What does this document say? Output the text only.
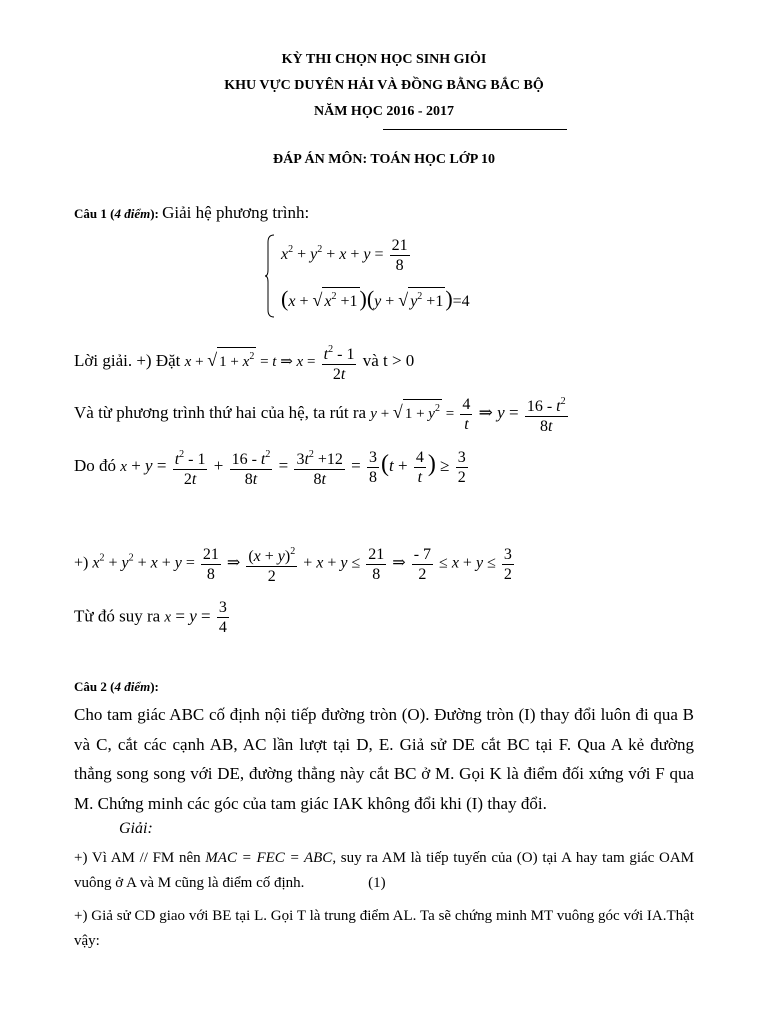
KỲ THI CHỌN HỌC SINH GIỎI
KHU VỰC DUYÊN HẢI VÀ ĐỒNG BẰNG BẮC BỘ
NĂM HỌC 2016 - 2017
ĐÁP ÁN MÔN: TOÁN HỌC LỚP 10
Câu 1 (4 điểm): Giải hệ phương trình:
$x^2 + y^2 + x + y = \frac{21}{8}$
(x + √ $x^2 +1)(y$ + √ $y^2 +1)=4$
Lời giải. +) Đặt x + √ $1 + x^2 = t$ ⇒ $x = \frac{t^2 - 1}{2t}$ và t > 0
Và từ phương trình thứ hai của hệ, ta rút ra y + √ $1 + y^2 = \frac{4}{t}$ ⇒ $y = \frac{16 - t^2}{8t}$
Do đó $x + y = \frac{t^2 - 1}{2t} + \frac{16 - t^2}{8t} = \frac{3t^2 +12}{8t} = \frac{3}{8} (t + \frac{4}{t}$ ) ≥ $\frac{3}{2}$
+) $x^2 + y^2 + x + y = \frac{21}{8}$ ⇒ $\frac{(x + y)^2}{2} + x + y \le \frac{21}{8}$ ⇒ $\frac{- 7}{2} \le x + y \le \frac{3}{2}$
Từ đó suy ra $x = y = \frac{3}{4}$
Câu 2 (4 điểm):
Cho tam giác ABC cố định nội tiếp đường tròn (O). Đường tròn (I) thay đổi luôn đi qua B và C, cắt các cạnh AB, AC lần lượt tại D, E. Giả sử DE cắt BC tại F. Qua A kẻ đường thẳng song song với DE, đường thẳng này cắt BC ở M. Gọi K là điểm đối xứng với F qua M. Chứng minh các góc của tam giác IAK không đổi khi (I) thay đổi.
Giải:
+) Vì AM // FM nên MAC = FEC = ABC, suy ra AM là tiếp tuyến của (O) tại A hay tam giác OAM vuông ở A và M cũng là điểm cố định.	(1)
+) Giả sử CD giao với BE tại L. Gọi T là trung điểm AL. Ta sẽ chứng minh MT vuông góc với IA.Thật vậy:
